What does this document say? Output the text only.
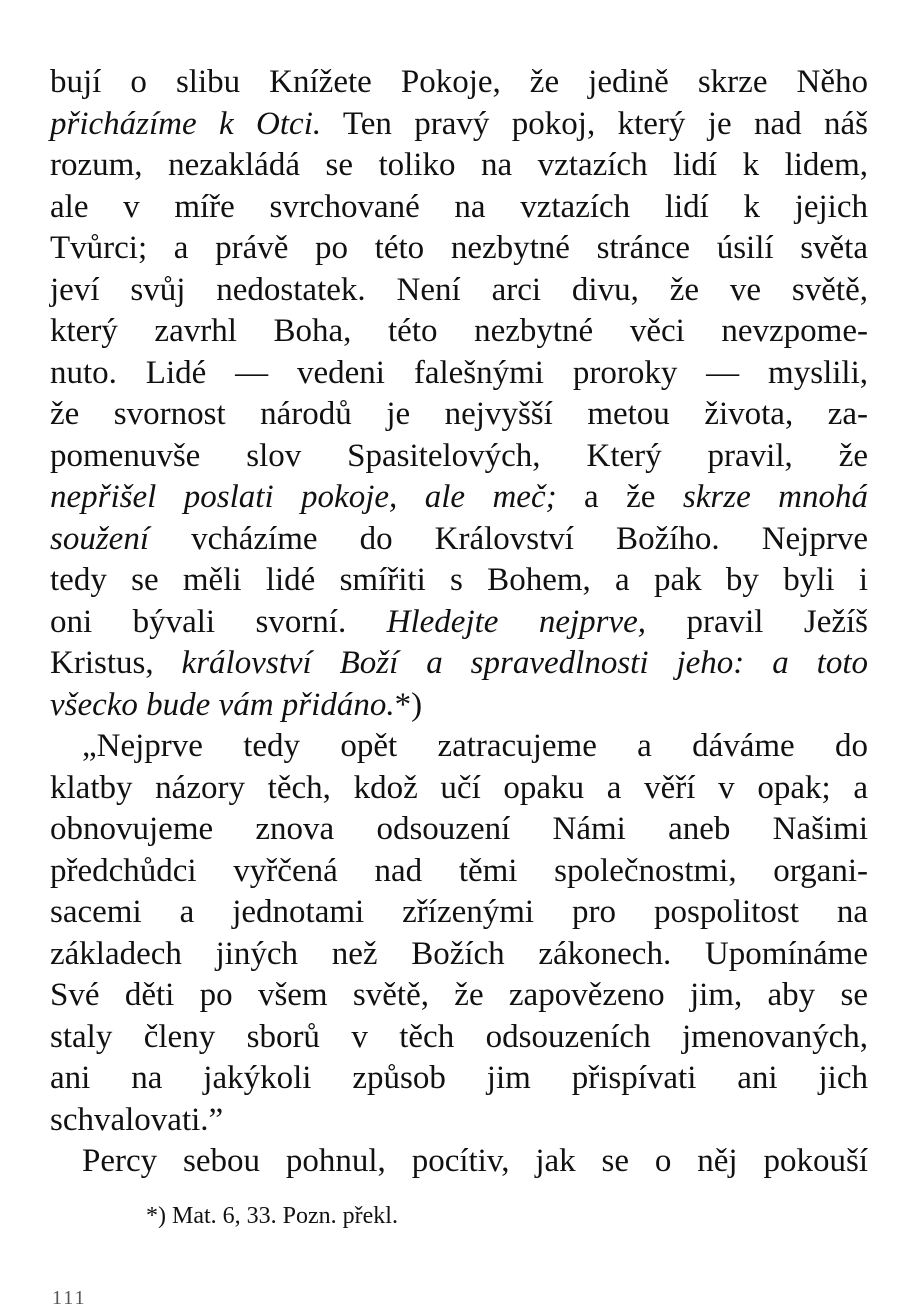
bují o slibu Knížete Pokoje, že jedině skrze Něho
přicházíme k Otci. Ten pravý pokoj, který je nad náš
rozum, nezakládá se toliko na vztazích lidí k lidem,
ale v míře svrchované na vztazích lidí k jejich
Tvůrci; a právě po této nezbytné stránce úsilí světa
jeví svůj nedostatek. Není arci divu, že ve světě,
který zavrhl Boha, této nezbytné věci nevzpome-
nuto. Lidé — vedeni falešnými proroky — myslili,
že svornost národů je nejvyšší metou života, za-
pomenuvše slov Spasitelových, Který pravil, že
nepřišel poslati pokoje, ale meč; a že skrze mnohá
soužení vcházíme do Království Božího. Nejprve
tedy se měli lidé smířiti s Bohem, a pak by byli i
oni bývali svorní. Hledejte nejprve, pravil Ježíš
Kristus, království Boží a spravedlnosti jeho: a toto
všecko bude vám přidáno.*)
„Nejprve tedy opět zatracujeme a dáváme do
klatby názory těch, kdož učí opaku a věří v opak; a
obnovujeme znova odsouzení Námi aneb Našimi
předchůdci vyřčená nad těmi společnostmi, organi-
sacemi a jednotami zřízenými pro pospolitost na
základech jiných než Božích zákonech. Upomínáme
Své děti po všem světě, že zapovězeno jim, aby se
staly členy sborů v těch odsouzeních jmenovaných,
ani na jakýkoli způsob jim přispívati ani jich
schvalovati.”
Percy sebou pohnul, pocítiv, jak se o něj pokouší
*) Mat. 6, 33. Pozn. překl.
111
